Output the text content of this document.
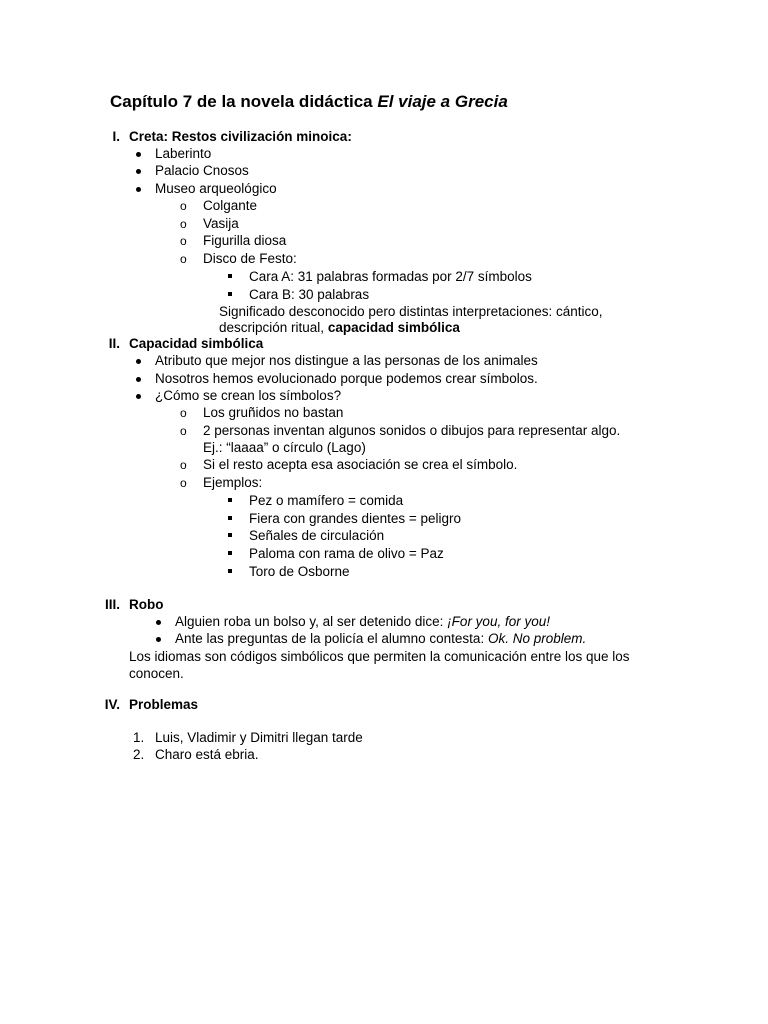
Capítulo 7 de la novela didáctica El viaje a Grecia
I. Creta: Restos civilización minoica:
Laberinto
Palacio Cnosos
Museo arqueológico
o Colgante
o Vasija
o Figurilla diosa
o Disco de Festo:
Cara A: 31 palabras formadas por 2/7 símbolos
Cara B: 30 palabras
Significado desconocido pero distintas interpretaciones: cántico,
descripción ritual, capacidad simbólica
II. Capacidad simbólica
Atributo que mejor nos distingue a las personas de los animales
Nosotros hemos evolucionado porque podemos crear símbolos.
¿Cómo se crean los símbolos?
o Los gruñidos no bastan
o 2 personas inventan algunos sonidos o dibujos para representar algo.
Ej.: “laaaa” o círculo (Lago)
o Si el resto acepta esa asociación se crea el símbolo.
o Ejemplos:
Pez o mamífero = comida
Fiera con grandes dientes = peligro
Señales de circulación
Paloma con rama de olivo = Paz
Toro de Osborne
III. Robo
Alguien roba un bolso y, al ser detenido dice: ¡For you, for you!
Ante las preguntas de la policía el alumno contesta: Ok. No problem.
Los idiomas son códigos simbólicos que permiten la comunicación entre los que los
conocen.
IV. Problemas
1. Luis, Vladimir y Dimitri llegan tarde
2. Charo está ebria.
